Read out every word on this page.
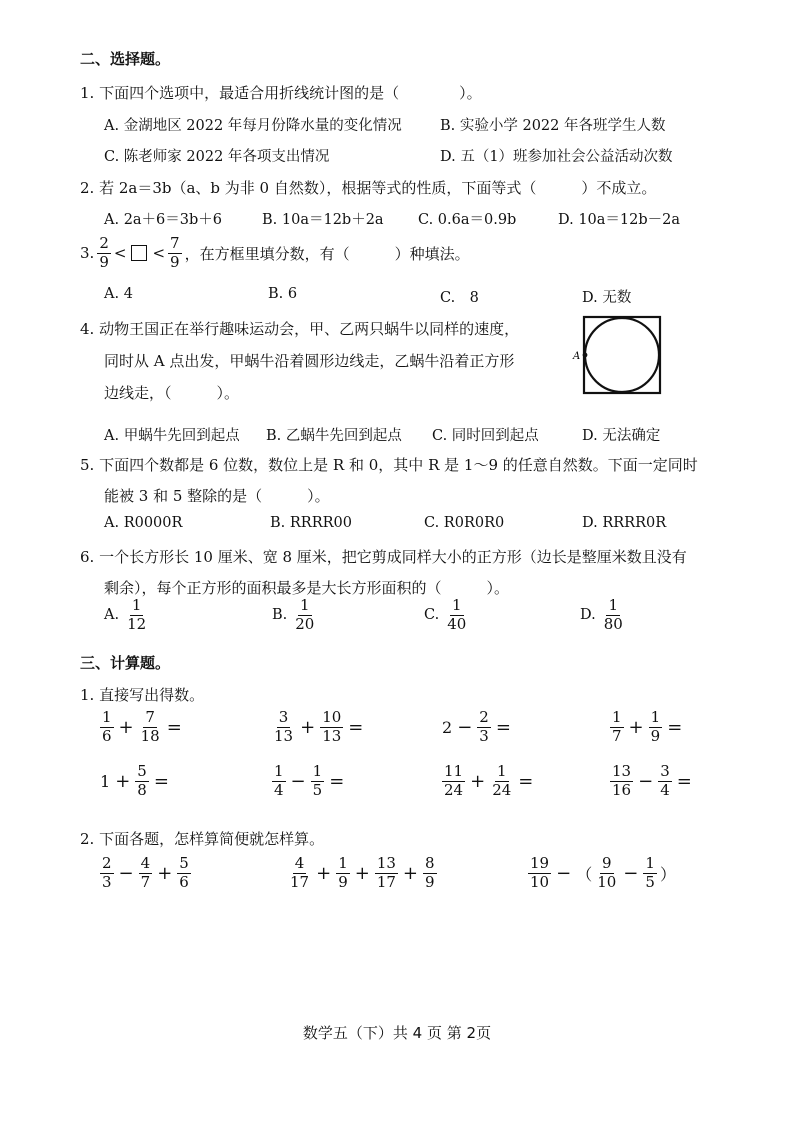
二、选择题。
1. 下面四个选项中，最适合用折线统计图的是（　　　　）。
A. 金湖地区 2022 年每月份降水量的变化情况	B. 实验小学 2022 年各班学生人数
C. 陈老师家 2022 年各项支出情况	D. 五（1）班参加社会公益活动次数
2. 若 2a＝3b（a、b 为非 0 自然数），根据等式的性质，下面等式（　　　）不成立。
A. 2a＋6＝3b＋6	B. 10a＝12b＋2a C. 0.6a＝0.9b	D. 10a＝12b－2a
3. $\frac{2}{9}$ < < $\frac{7}{9}$ ，在方框里填分数，有（　　　）种填法。
A. 4	B. 6	C.　8	D. 无数
4. 动物王国正在举行趣味运动会，甲、乙两只蜗牛以同样的速度，
同时从 A 点出发，甲蜗牛沿着圆形边线走，乙蜗牛沿着正方形
边线走，（　　　）。
A
A. 甲蜗牛先回到起点 B. 乙蜗牛先回到起点 C. 同时回到起点	D. 无法确定
5. 下面四个数都是 6 位数，数位上是 R 和 0，其中 R 是 1～9 的任意自然数。下面一定同时
能被 3 和 5 整除的是（　　　）。
A. R0000R	B. RRRR00	C. R0R0R0	D. RRRR0R
6. 一个长方形长 10 厘米、宽 8 厘米，把它剪成同样大小的正方形（边长是整厘米数且没有
剩余），每个正方形的面积最多是大长方形面积的（　　　）。
A. $\frac{1}{12}$	B. $\frac{1}{20}$	C. $\frac{1}{40}$	D. $\frac{1}{80}$
三、计算题。
1. 直接写出得数。
$\frac{1}{6} + \frac{7}{18}$ =	$\frac{3}{13} + \frac{10}{13}$ =	$2 - \frac{2}{3}$ =	$\frac{1}{7} + \frac{1}{9}$ =
$1 + \frac{5}{8}$ =	$\frac{1}{4} - \frac{1}{5}$ =	$\frac{11}{24} + \frac{1}{24}$ =	$\frac{13}{16} - \frac{3}{4}$ =
2. 下面各题，怎样算简便就怎样算。
$\frac{2}{3} - \frac{4}{7} + \frac{5}{6}$	$\frac{4}{17} + \frac{1}{9} + \frac{13}{17} + \frac{8}{9}$	$\frac{19}{10}$ − （ $\frac{9}{10} - \frac{1}{5}$ ）
数学五（下）共 4 页 第 2页
